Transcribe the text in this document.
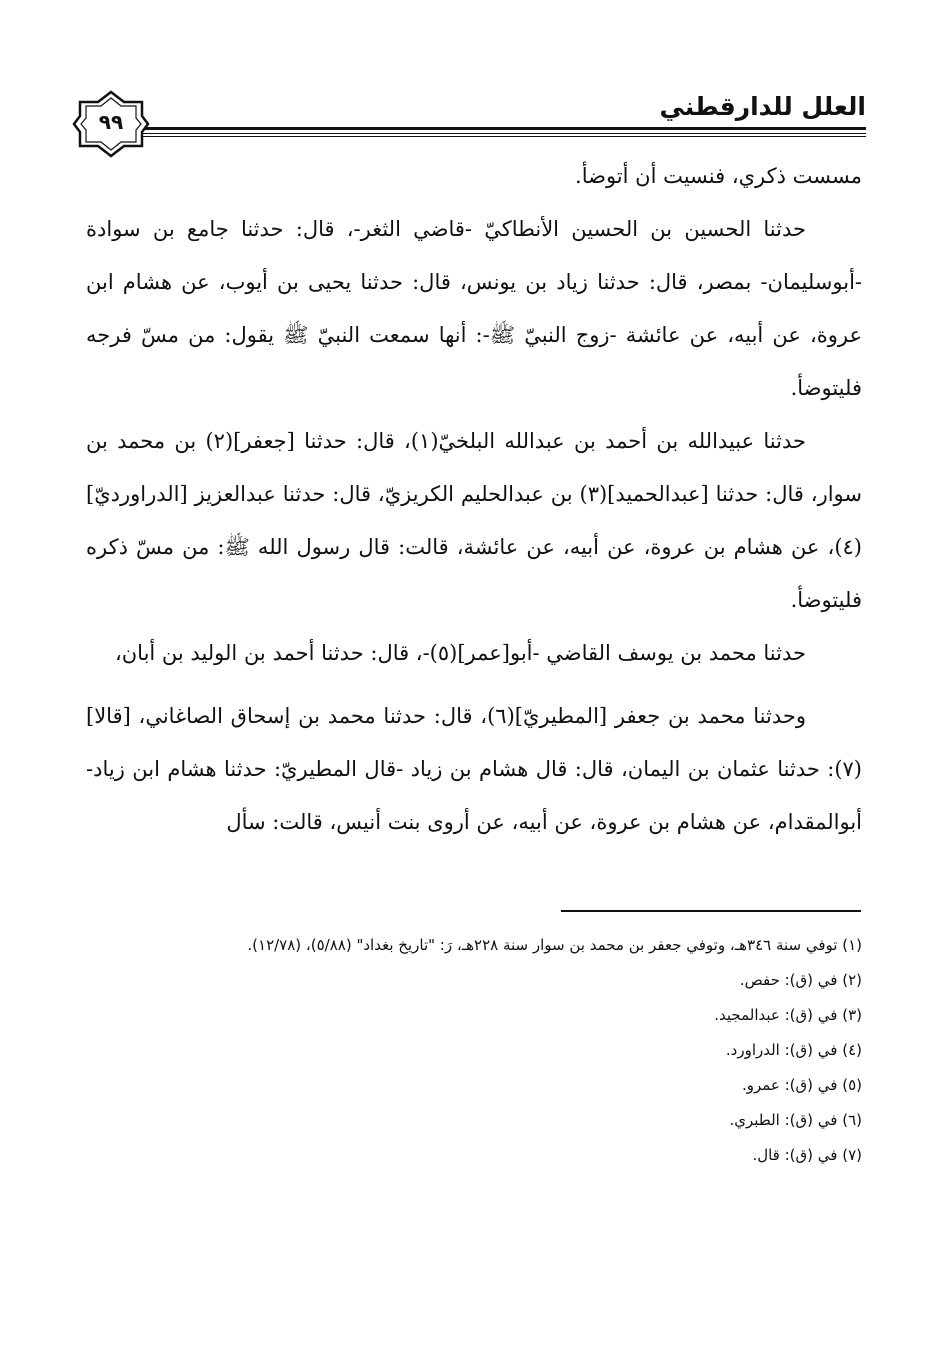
العلل للدارقطني
٩٩

مسست ذكري، فنسيت أن أتوضأ.

حدثنا الحسين بن الحسين الأنطاكيّ -قاضي الثغر-، قال: حدثنا جامع بن سوادة -أبوسليمان- بمصر، قال: حدثنا زياد بن يونس، قال: حدثنا يحيى بن أيوب، عن هشام ابن عروة، عن أبيه، عن عائشة -زوج النبيّ ﷺ-: أنها سمعت النبيّ ﷺ يقول: من مسّ فرجه فليتوضأ.

حدثنا عبيدالله بن أحمد بن عبدالله البلخيّ(١)، قال: حدثنا [جعفر](٢) بن محمد بن سوار، قال: حدثنا [عبدالحميد](٣) بن عبدالحليم الكريزيّ، قال: حدثنا عبدالعزيز [الدراورديّ](٤)، عن هشام بن عروة، عن أبيه، عن عائشة، قالت: قال رسول الله ﷺ: من مسّ ذكره فليتوضأ.

حدثنا محمد بن يوسف القاضي -أبو[عمر](٥)-، قال: حدثنا أحمد بن الوليد بن أبان،

وحدثنا محمد بن جعفر [المطيريّ](٦)، قال: حدثنا محمد بن إسحاق الصاغاني، [قالا](٧): حدثنا عثمان بن اليمان، قال: قال هشام بن زياد -قال المطيريّ: حدثنا هشام ابن زياد- أبوالمقدام، عن هشام بن عروة، عن أبيه، عن أروى بنت أنيس، قالت: سأل

(١) توفي سنة ٣٤٦هـ، وتوفي جعفر بن محمد بن سوار سنة ٢٢٨هـ، رَ: "تاريخ بغداد" (٥/٨٨)، (١٢/٧٨).
(٢) في (ق): حفص.
(٣) في (ق): عبدالمجيد.
(٤) في (ق): الدراورد.
(٥) في (ق): عمرو.
(٦) في (ق): الطبري.
(٧) في (ق): قال.
